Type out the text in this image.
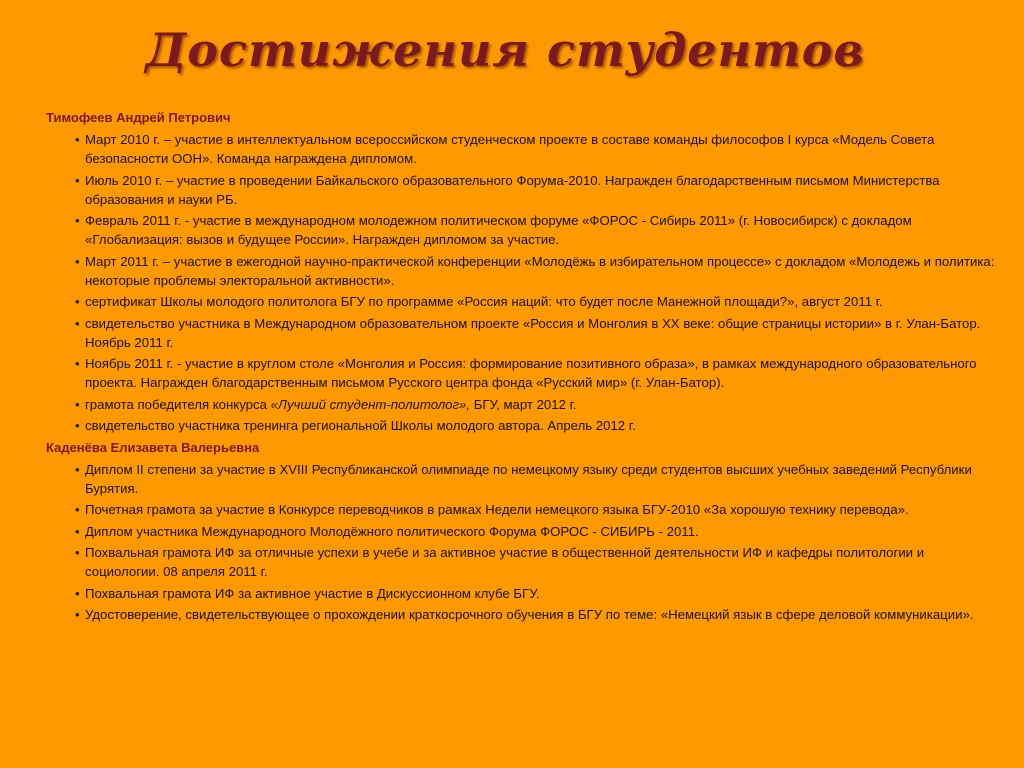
Достижения студентов
Тимофеев Андрей Петрович
• Март 2010 г. – участие в интеллектуальном всероссийском студенческом проекте в составе команды философов I курса «Модель Совета безопасности ООН». Команда награждена дипломом.
• Июль 2010 г. – участие в проведении Байкальского образовательного Форума-2010. Награжден благодарственным письмом Министерства образования и науки РБ.
• Февраль 2011 г. - участие в международном молодежном политическом форуме «ФОРОС - Сибирь 2011» (г. Новосибирск) с докладом «Глобализация: вызов и будущее России». Награжден дипломом за участие.
• Март 2011 г. – участие в ежегодной научно-практической конференции «Молодёжь в избирательном процессе» с докладом «Молодежь и политика: некоторые проблемы электоральной активности».
• сертификат Школы молодого политолога БГУ по программе «Россия наций: что будет после Манежной площади?», август 2011 г.
• свидетельство участника в Международном образовательном проекте «Россия и Монголия в XX веке: общие страницы истории» в г. Улан-Батор. Ноябрь 2011 г.
• Ноябрь 2011 г. - участие в круглом столе «Монголия и Россия: формирование позитивного образа», в рамках международного образовательного проекта. Награжден благодарственным письмом Русского центра фонда «Русский мир» (г. Улан-Батор).
• грамота победителя конкурса «Лучший студент-политолог», БГУ, март 2012 г.
• свидетельство участника тренинга региональной Школы молодого автора. Апрель 2012 г.
Каденёва Елизавета Валерьевна
• Диплом II степени за участие в XVIII Республиканской олимпиаде по немецкому языку среди студентов высших учебных заведений Республики Бурятия.
• Почетная грамота за участие в Конкурсе переводчиков в рамках Недели немецкого языка БГУ-2010 «За хорошую технику перевода».
• Диплом участника Международного Молодёжного политического Форума ФОРОС - СИБИРЬ - 2011.
• Похвальная грамота ИФ за отличные успехи в учебе и за активное участие в общественной деятельности ИФ и кафедры политологии и социологии. 08 апреля 2011 г.
• Похвальная грамота ИФ за активное участие в Дискуссионном клубе БГУ.
• Удостоверение, свидетельствующее о прохождении краткосрочного обучения в БГУ по теме: «Немецкий язык в сфере деловой коммуникации».
